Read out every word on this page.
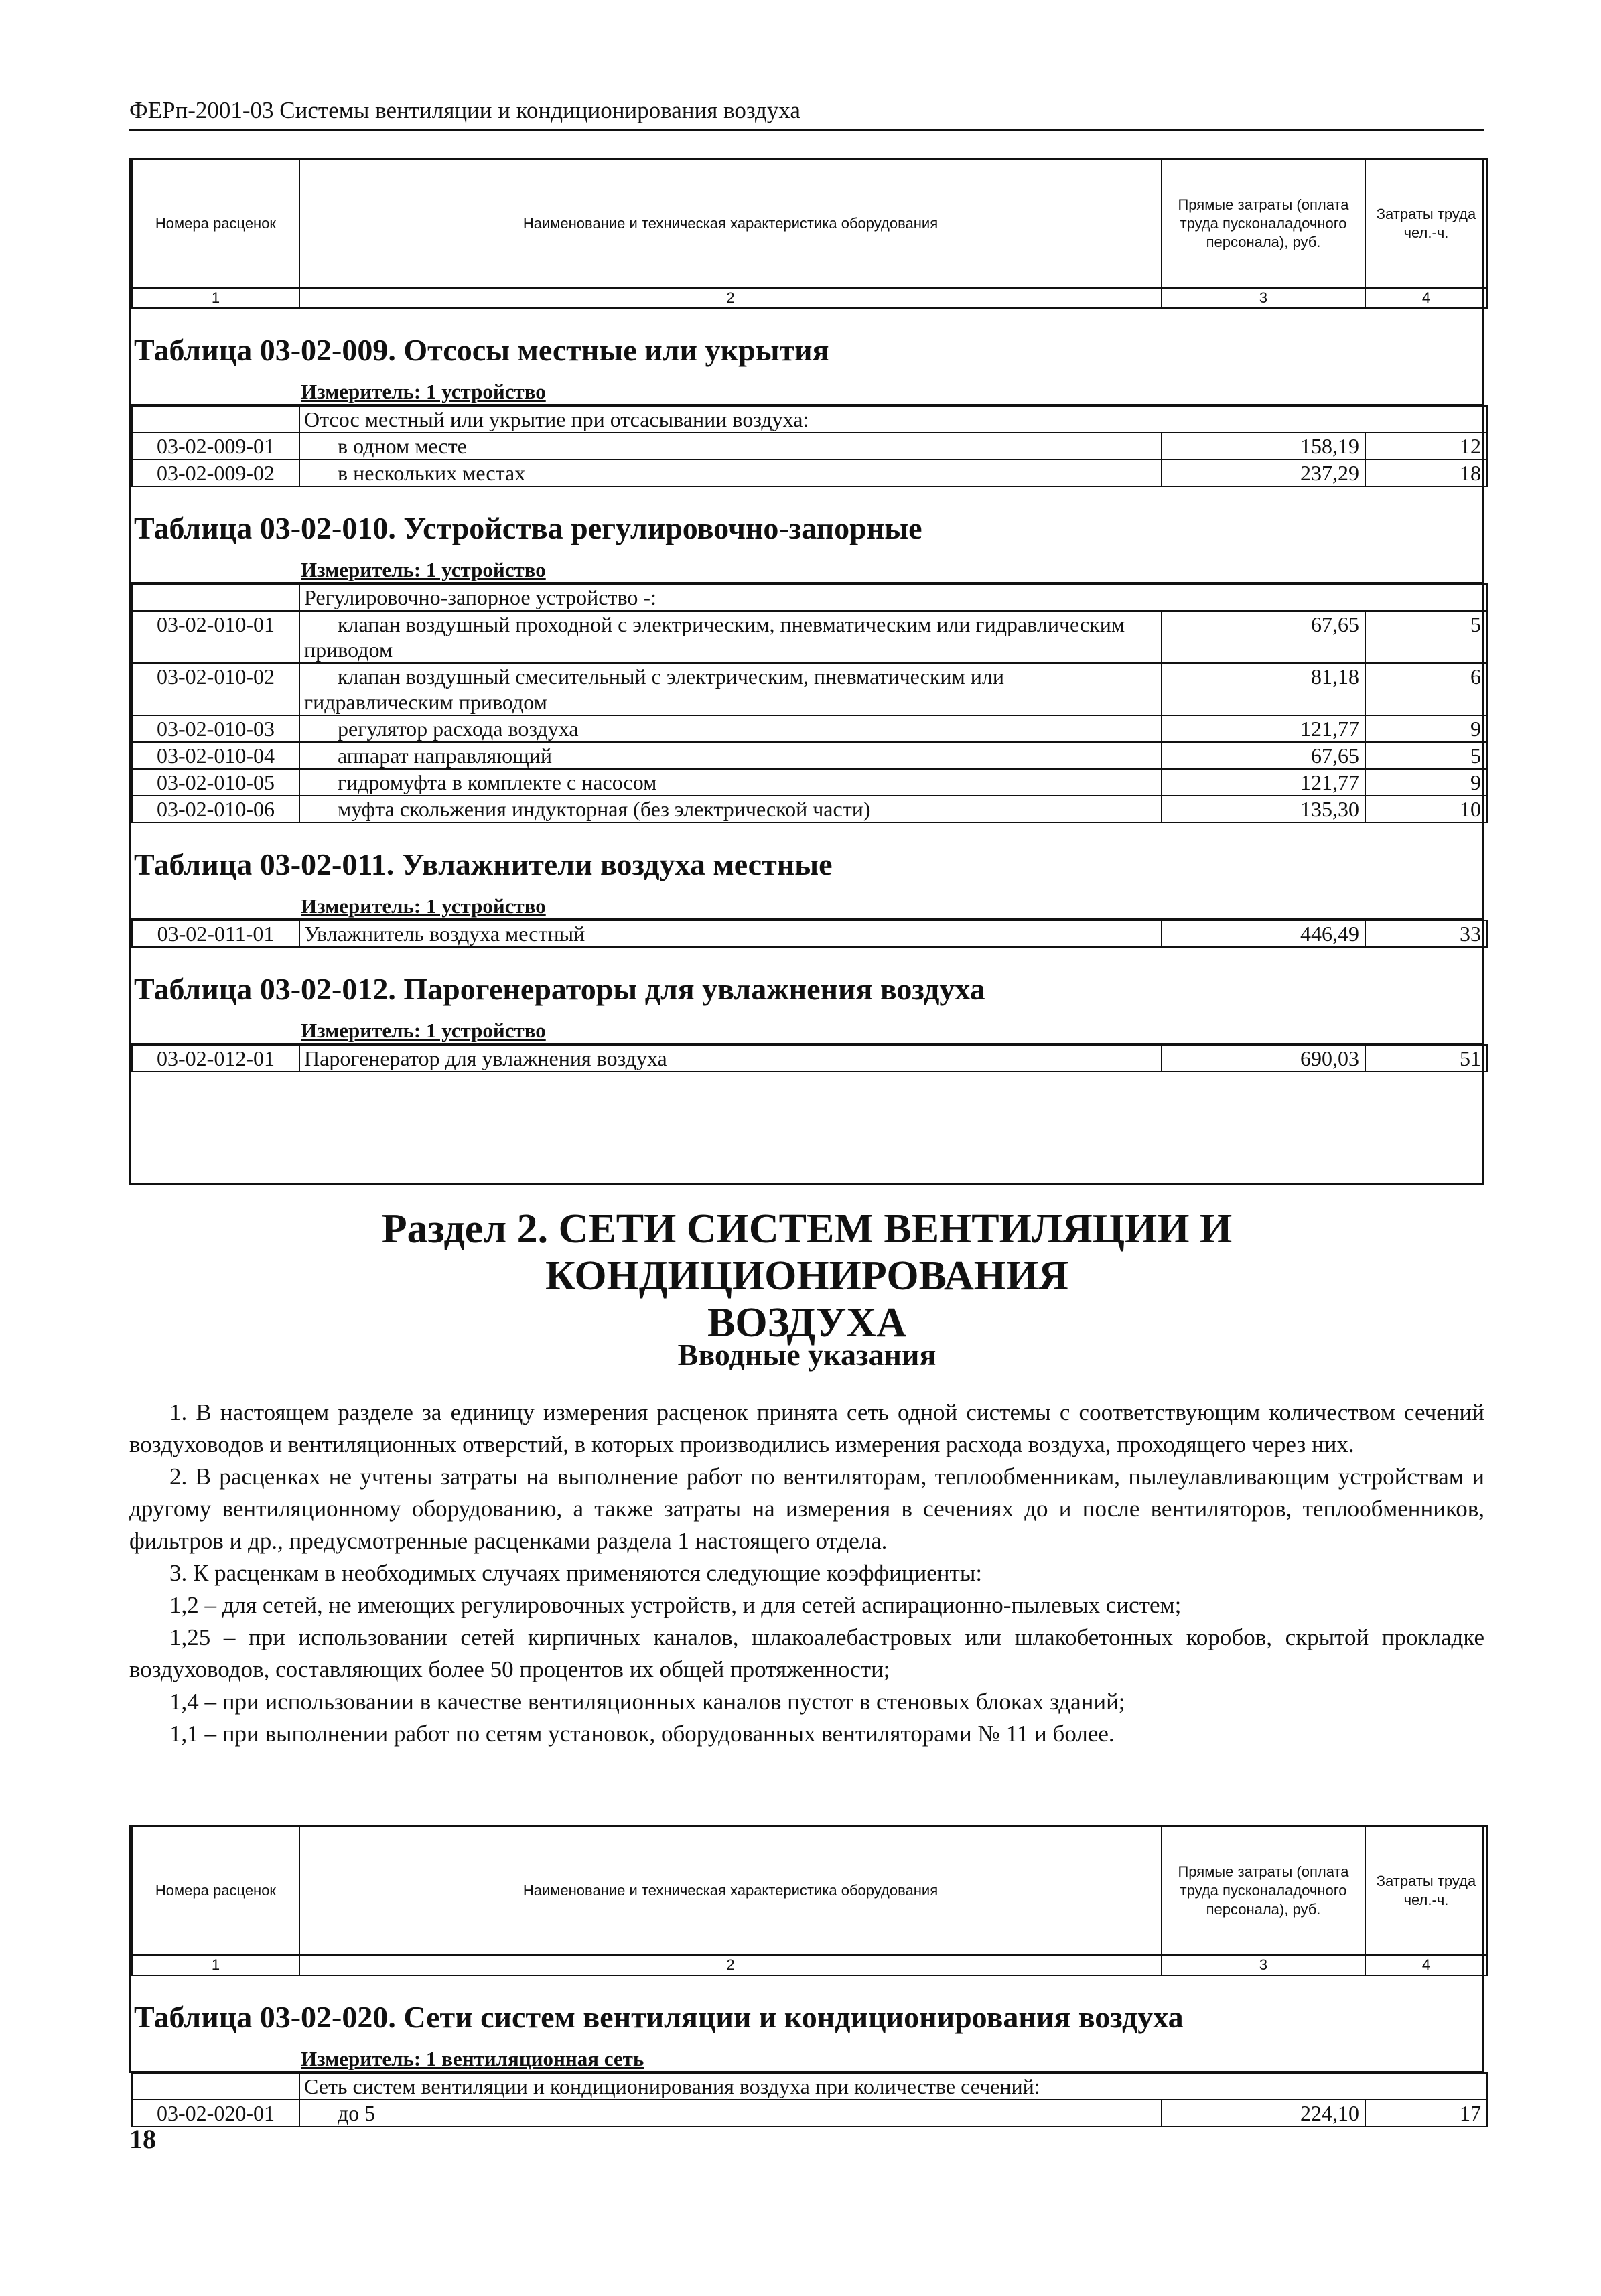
ФЕРп-2001-03 Системы вентиляции и кондиционирования воздуха
Номера расценок	Наименование и техническая характеристика оборудования	Прямые затраты (оплата труда пусконаладочного персонала), руб.	Затраты труда чел.-ч.
1	2	3	4
Таблица 03-02-009. Отсосы местные или укрытия
Измеритель: 1 устройство
	Отсос местный или укрытие при отсасывании воздуха:		
03-02-009-01	в одном месте	158,19	12
03-02-009-02	в нескольких местах	237,29	18
Таблица 03-02-010. Устройства регулировочно-запорные
Измеритель: 1 устройство
	Регулировочно-запорное устройство -:		
03-02-010-01	клапан воздушный проходной с электрическим, пневматическим или гидравлическим приводом	67,65	5
03-02-010-02	клапан воздушный смесительный с электрическим, пневматическим или гидравлическим приводом	81,18	6
03-02-010-03	регулятор расхода воздуха	121,77	9
03-02-010-04	аппарат направляющий	67,65	5
03-02-010-05	гидромуфта в комплекте с насосом	121,77	9
03-02-010-06	муфта скольжения индукторная (без электрической части)	135,30	10
Таблица 03-02-011. Увлажнители воздуха местные
Измеритель: 1 устройство
03-02-011-01	Увлажнитель воздуха местный	446,49	33
Таблица 03-02-012. Парогенераторы для увлажнения воздуха
Измеритель: 1 устройство
03-02-012-01	Парогенератор для увлажнения воздуха	690,03	51
Раздел 2. СЕТИ СИСТЕМ ВЕНТИЛЯЦИИ И КОНДИЦИОНИРОВАНИЯ
ВОЗДУХА
Вводные указания

1. В настоящем разделе за единицу измерения расценок принята сеть одной системы с соответствующим количеством сечений воздуховодов и вентиляционных отверстий, в которых производились измерения расхода воздуха, проходящего через них.

2. В расценках не учтены затраты на выполнение работ по вентиляторам, теплообменникам, пылеулавливающим устройствам и другому вентиляционному оборудованию, а также затраты на измерения в сечениях до и после вентиляторов, теплообменников, фильтров и др., предусмотренные расценками раздела 1 настоящего отдела.

3. К расценкам в необходимых случаях применяются следующие коэффициенты:

1,2 – для сетей, не имеющих регулировочных устройств, и для сетей аспирационно-пылевых систем;

1,25 – при использовании сетей кирпичных каналов, шлакоалебастровых или шлакобетонных коробов, скрытой прокладке воздуховодов, составляющих более 50 процентов их общей протяженности;

1,4 – при использовании в качестве вентиляционных каналов пустот в стеновых блоках зданий;

1,1 – при выполнении работ по сетям установок, оборудованных вентиляторами № 11 и более.

Номера расценок	Наименование и техническая характеристика оборудования	Прямые затраты (оплата труда пусконаладочного персонала), руб.	Затраты труда чел.-ч.
1	2	3	4
Таблица 03-02-020. Сети систем вентиляции и кондиционирования воздуха
Измеритель: 1 вентиляционная сеть
	Сеть систем вентиляции и кондиционирования воздуха при количестве сечений:		
03-02-020-01	до 5	224,10	17
18
